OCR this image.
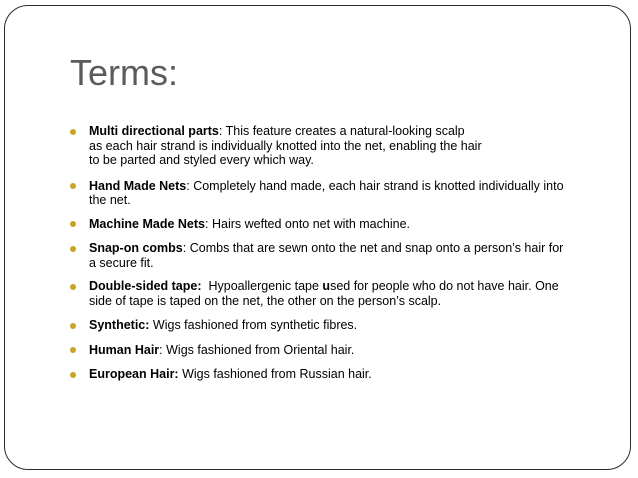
Terms:
Multi directional parts: This feature creates a natural-looking scalp
as each hair strand is individually knotted into the net, enabling the hair
to be parted and styled every which way.
Hand Made Nets: Completely hand made, each hair strand is knotted individually into
the net.
Machine Made Nets: Hairs wefted onto net with machine.
Snap-on combs: Combs that are sewn onto the net and snap onto a person’s hair for
a secure fit.
Double-sided tape:  Hypoallergenic tape used for people who do not have hair. One
side of tape is taped on the net, the other on the person’s scalp.
Synthetic: Wigs fashioned from synthetic fibres.
Human Hair: Wigs fashioned from Oriental hair.
European Hair: Wigs fashioned from Russian hair.
